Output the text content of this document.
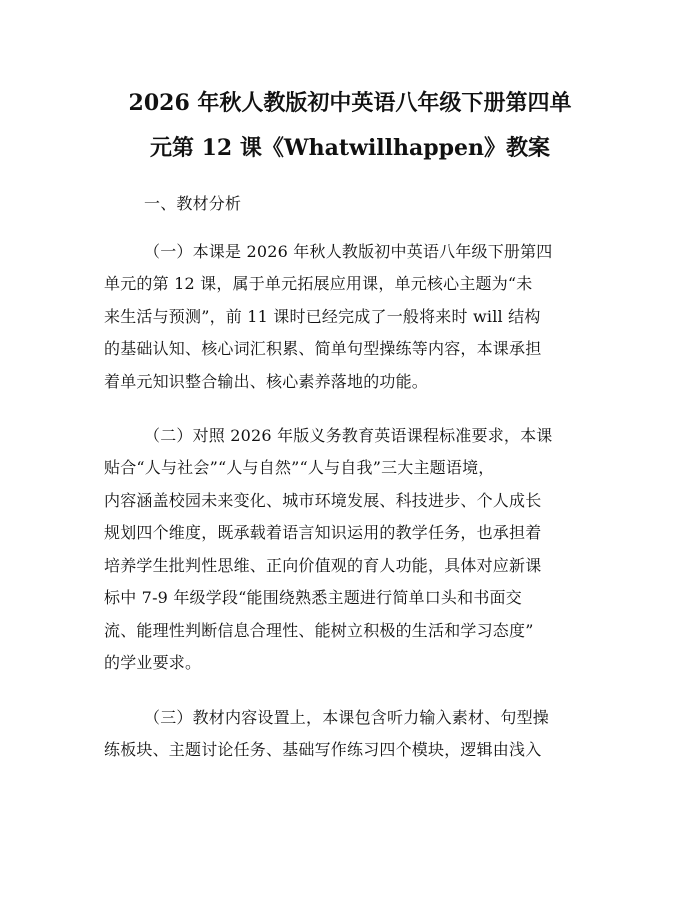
2026 年秋人教版初中英语八年级下册第四单
元第 12 课《Whatwillhappen》教案
一、教材分析
（一）本课是 2026 年秋人教版初中英语八年级下册第四
单元的第 12 课，属于单元拓展应用课，单元核心主题为“未
来生活与预测”，前 11 课时已经完成了一般将来时 will 结构
的基础认知、核心词汇积累、简单句型操练等内容，本课承担
着单元知识整合输出、核心素养落地的功能。
（二）对照 2026 年版义务教育英语课程标准要求，本课
贴合“人与社会”“人与自然”“人与自我”三大主题语境，
内容涵盖校园未来变化、城市环境发展、科技进步、个人成长
规划四个维度，既承载着语言知识运用的教学任务，也承担着
培养学生批判性思维、正向价值观的育人功能，具体对应新课
标中 7-9 年级学段“能围绕熟悉主题进行简单口头和书面交
流、能理性判断信息合理性、能树立积极的生活和学习态度”
的学业要求。
（三）教材内容设置上，本课包含听力输入素材、句型操
练板块、主题讨论任务、基础写作练习四个模块，逻辑由浅入
